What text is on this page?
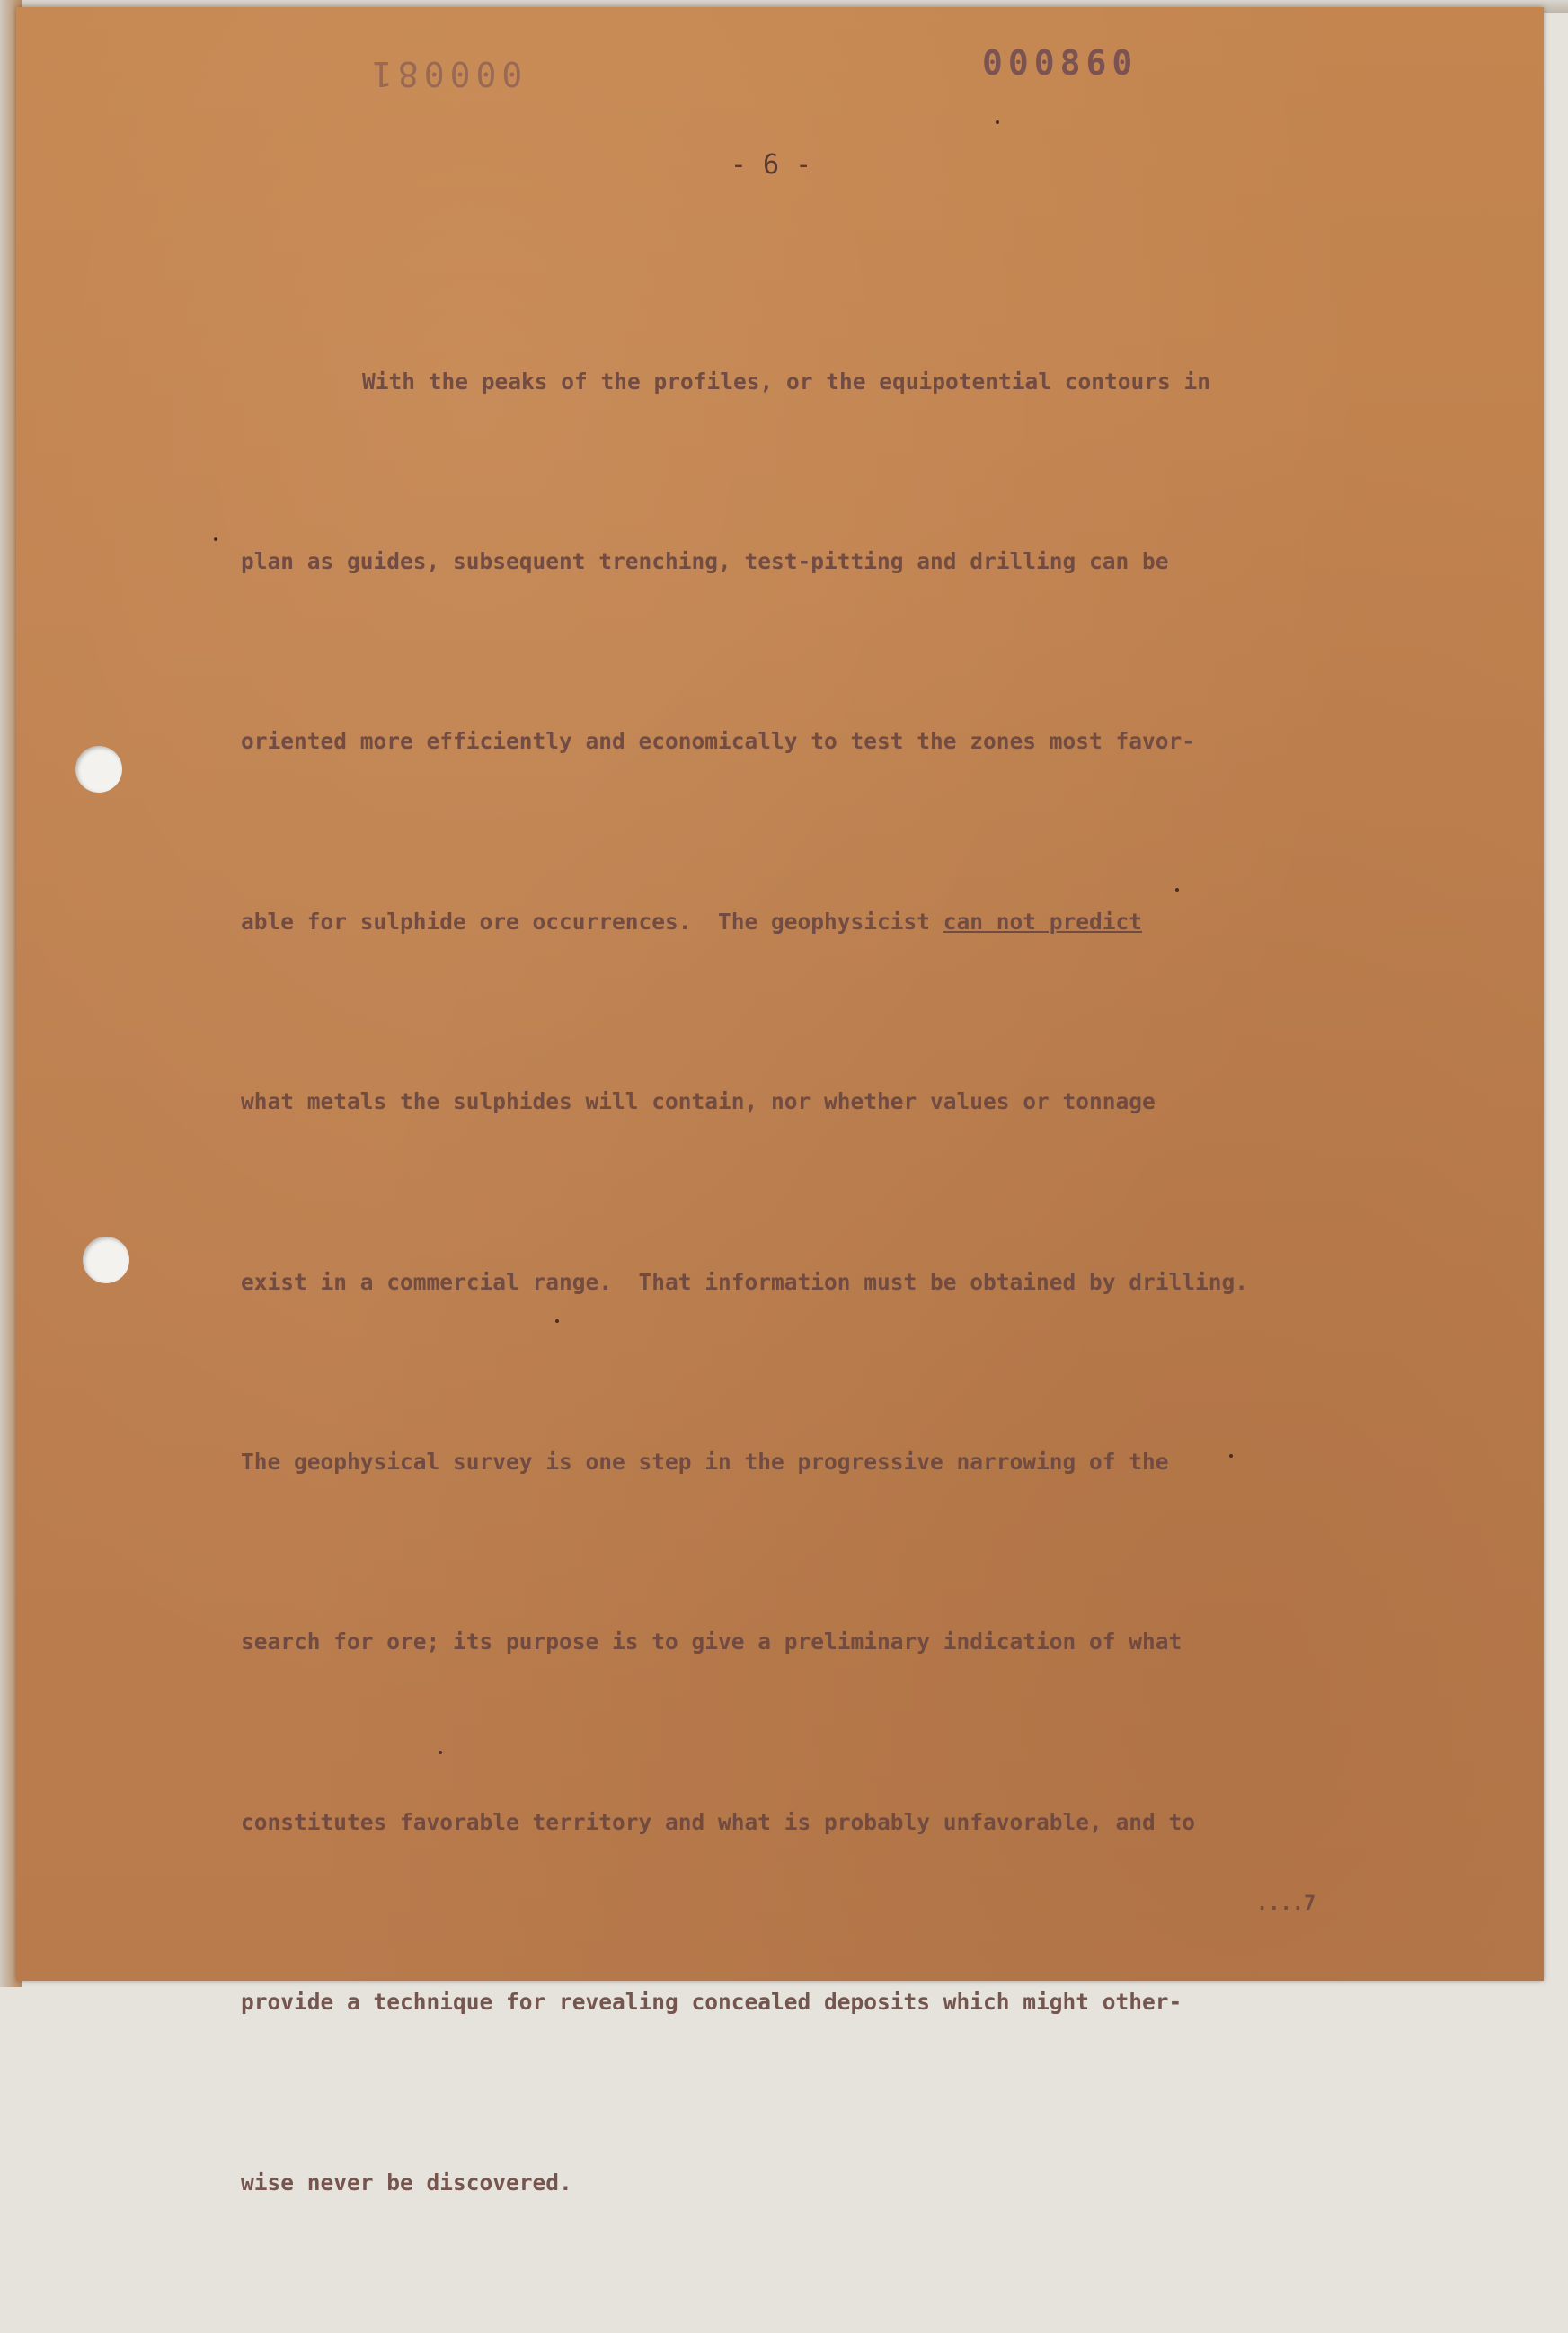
000081	000860
- 6 -

With the peaks of the profiles, or the equipotential contours in

plan as guides, subsequent trenching, test-pitting and drilling can be

oriented more efficiently and economically to test the zones most favor-

able for sulphide ore occurrences.  The geophysicist can not predict

what metals the sulphides will contain, nor whether values or tonnage

exist in a commercial range.  That information must be obtained by drilling.

The geophysical survey is one step in the progressive narrowing of the

search for ore; its purpose is to give a preliminary indication of what

constitutes favorable territory and what is probably unfavorable, and to

provide a technique for revealing concealed deposits which might other-

wise never be discovered.

....7
